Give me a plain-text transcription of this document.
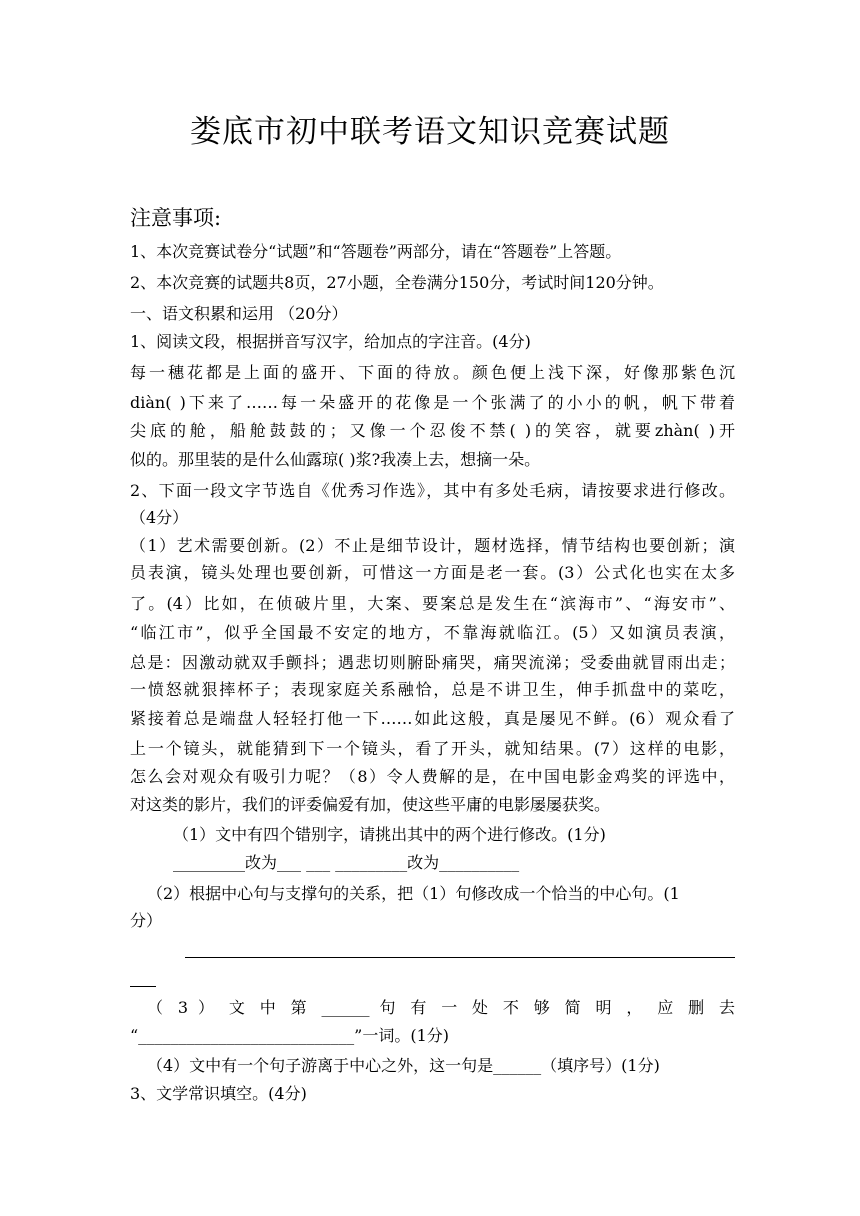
娄底市初中联考语文知识竞赛试题
注意事项:
1、本次竞赛试卷分“试题”和“答题卷”两部分，请在“答题卷”上答题。
2、本次竞赛的试题共8页，27小题，全卷满分150分，考试时间120分钟。
一、语文积累和运用 （20分）
1、阅读文段，根据拼音写汉字，给加点的字注音。(4分)
每一穗花都是上面的盛开、下面的待放。颜色便上浅下深，好像那紫色沉
diàn( )下来了……每一朵盛开的花像是一个张满了的小小的帆，帆下带着
尖底的舱，船舱鼓鼓的；又像一个忍俊不禁( )的笑容，就要zhàn( )开
似的。那里装的是什么仙露琼( )浆?我凑上去，想摘一朵。
2、下面一段文字节选自《优秀习作选》，其中有多处毛病，请按要求进行修改。
（4分）
（1）艺术需要创新。(2）不止是细节设计，题材选择，情节结构也要创新；演
员表演，镜头处理也要创新，可惜这一方面是老一套。(3）公式化也实在太多
了。(4）比如，在侦破片里，大案、要案总是发生在“滨海市”、“海安市”、
“临江市”，似乎全国最不安定的地方，不靠海就临江。(5）又如演员表演，
总是：因激动就双手颤抖；遇悲切则腑卧痛哭，痛哭流涕；受委曲就冒雨出走；
一愤怒就狠摔杯子；表现家庭关系融恰，总是不讲卫生，伸手抓盘中的菜吃，
紧接着总是端盘人轻轻打他一下……如此这般，真是屡见不鲜。(6）观众看了
上一个镜头，就能猜到下一个镜头，看了开头，就知结果。(7）这样的电影，
怎么会对观众有吸引力呢？（8）令人费解的是，在中国电影金鸡奖的评选中，
对这类的影片，我们的评委偏爱有加，使这些平庸的电影屡屡获奖。
（1）文中有四个错别字，请挑出其中的两个进行修改。(1分)
_________改为___ ___ _________改为__________
（2）根据中心句与支撑句的关系，把（1）句修改成一个恰当的中心句。(1
分）
（ 3 ） 文 中 第 ______ 句 有 一 处 不 够 简 明 ， 应 删 去
“___________________________”一词。(1分)
（4）文中有一个句子游离于中心之外，这一句是______（填序号）(1分)
3、文学常识填空。(4分)
